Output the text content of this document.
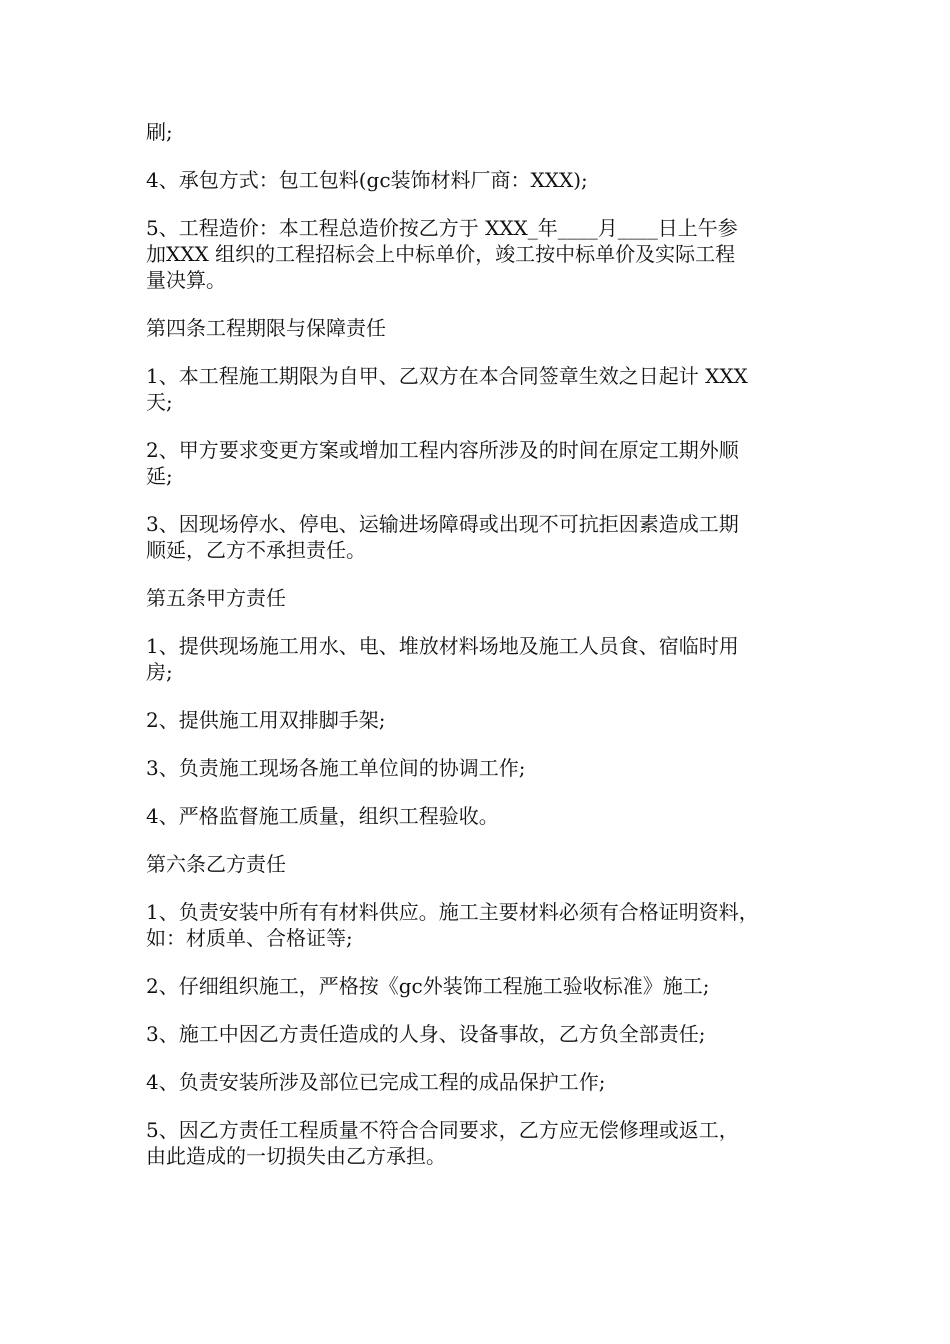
刷;

4、承包方式：包工包料(gc装饰材料厂商：XXX);

5、工程造价：本工程总造价按乙方于 XXX_年____月____日上午参
加XXX 组织的工程招标会上中标单价，竣工按中标单价及实际工程
量决算。

第四条工程期限与保障责任

1、本工程施工期限为自甲、乙双方在本合同签章生效之日起计 XXX
天;

2、甲方要求变更方案或增加工程内容所涉及的时间在原定工期外顺
延;

3、因现场停水、停电、运输进场障碍或出现不可抗拒因素造成工期
顺延，乙方不承担责任。

第五条甲方责任

1、提供现场施工用水、电、堆放材料场地及施工人员食、宿临时用
房;

2、提供施工用双排脚手架;

3、负责施工现场各施工单位间的协调工作;

4、严格监督施工质量，组织工程验收。

第六条乙方责任

1、负责安装中所有有材料供应。施工主要材料必须有合格证明资料，
如：材质单、合格证等;

2、仔细组织施工，严格按《gc外装饰工程施工验收标准》施工;

3、施工中因乙方责任造成的人身、设备事故，乙方负全部责任;

4、负责安装所涉及部位已完成工程的成品保护工作;

5、因乙方责任工程质量不符合合同要求，乙方应无偿修理或返工，
由此造成的一切损失由乙方承担。
